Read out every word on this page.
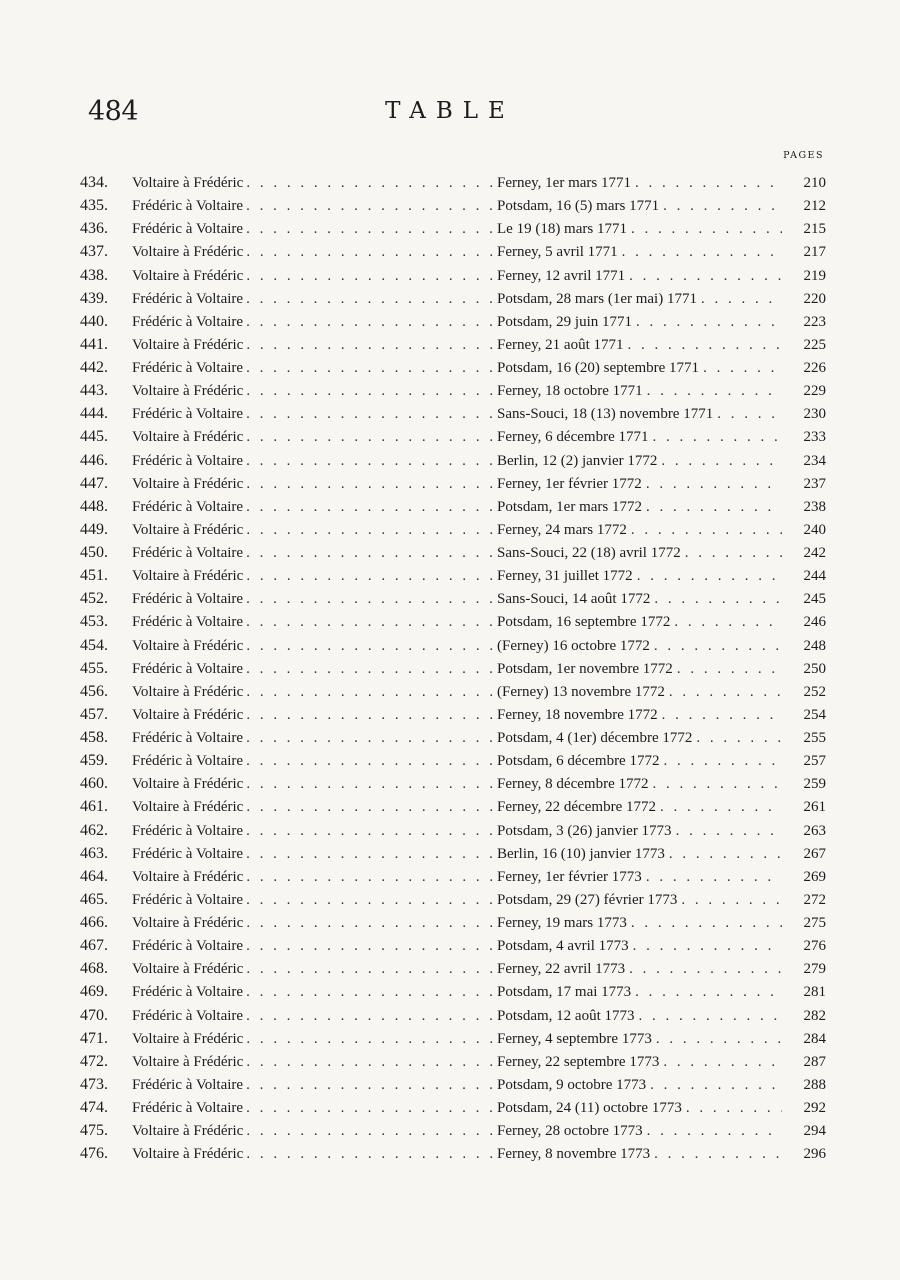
484	TABLE
PAGES
434.	Voltaire à Frédéric . . .	Ferney, 1er mars 1771 . . .	210
435.	Frédéric à Voltaire . . .	Potsdam, 16 (5) mars 1771 . . .	212
436.	Frédéric à Voltaire . . .	Le 19 (18) mars 1771 . . .	215
437.	Voltaire à Frédéric . . .	Ferney, 5 avril 1771 . . .	217
438.	Voltaire à Frédéric . . .	Ferney, 12 avril 1771 . . .	219
439.	Frédéric à Voltaire . . .	Potsdam, 28 mars (1er mai) 1771 . . .	220
440.	Frédéric à Voltaire . . .	Potsdam, 29 juin 1771 . . .	223
441.	Voltaire à Frédéric . . .	Ferney, 21 août 1771 . . .	225
442.	Frédéric à Voltaire . . .	Potsdam, 16 (20) septembre 1771 . . .	226
443.	Voltaire à Frédéric . . .	Ferney, 18 octobre 1771 . . .	229
444.	Frédéric à Voltaire . . .	Sans-Souci, 18 (13) novembre 1771 . . .	230
445.	Voltaire à Frédéric . . .	Ferney, 6 décembre 1771 . . .	233
446.	Frédéric à Voltaire . . .	Berlin, 12 (2) janvier 1772 . . .	234
447.	Voltaire à Frédéric . . .	Ferney, 1er février 1772 . . .	237
448.	Frédéric à Voltaire . . .	Potsdam, 1er mars 1772 . . .	238
449.	Voltaire à Frédéric . . .	Ferney, 24 mars 1772 . . .	240
450.	Frédéric à Voltaire . . .	Sans-Souci, 22 (18) avril 1772 . . .	242
451.	Voltaire à Frédéric . . .	Ferney, 31 juillet 1772 . . .	244
452.	Frédéric à Voltaire . . .	Sans-Souci, 14 août 1772 . . .	245
453.	Frédéric à Voltaire . . .	Potsdam, 16 septembre 1772 . . .	246
454.	Voltaire à Frédéric . . .	(Ferney) 16 octobre 1772 . . .	248
455.	Frédéric à Voltaire . . .	Potsdam, 1er novembre 1772 . . .	250
456.	Voltaire à Frédéric . . .	(Ferney) 13 novembre 1772 . . .	252
457.	Voltaire à Frédéric . . .	Ferney, 18 novembre 1772 . . .	254
458.	Frédéric à Voltaire . . .	Potsdam, 4 (1er) décembre 1772 . . .	255
459.	Frédéric à Voltaire . . .	Potsdam, 6 décembre 1772 . . .	257
460.	Voltaire à Frédéric . . .	Ferney, 8 décembre 1772 . . .	259
461.	Voltaire à Frédéric . . .	Ferney, 22 décembre 1772 . . .	261
462.	Frédéric à Voltaire . . .	Potsdam, 3 (26) janvier 1773 . . .	263
463.	Frédéric à Voltaire . . .	Berlin, 16 (10) janvier 1773 . . .	267
464.	Voltaire à Frédéric . . .	Ferney, 1er février 1773 . . .	269
465.	Frédéric à Voltaire . . .	Potsdam, 29 (27) février 1773 . . .	272
466.	Voltaire à Frédéric . . .	Ferney, 19 mars 1773 . . .	275
467.	Frédéric à Voltaire . . .	Potsdam, 4 avril 1773 . . .	276
468.	Voltaire à Frédéric . . .	Ferney, 22 avril 1773 . . .	279
469.	Frédéric à Voltaire . . .	Potsdam, 17 mai 1773 . . .	281
470.	Frédéric à Voltaire . . .	Potsdam, 12 août 1773 . . .	282
471.	Voltaire à Frédéric . . .	Ferney, 4 septembre 1773 . . .	284
472.	Voltaire à Frédéric . . .	Ferney, 22 septembre 1773 . . .	287
473.	Frédéric à Voltaire . . .	Potsdam, 9 octobre 1773 . . .	288
474.	Frédéric à Voltaire . . .	Potsdam, 24 (11) octobre 1773 . . .	292
475.	Voltaire à Frédéric . . .	Ferney, 28 octobre 1773 . . .	294
476.	Voltaire à Frédéric . . .	Ferney, 8 novembre 1773 . . .	296
